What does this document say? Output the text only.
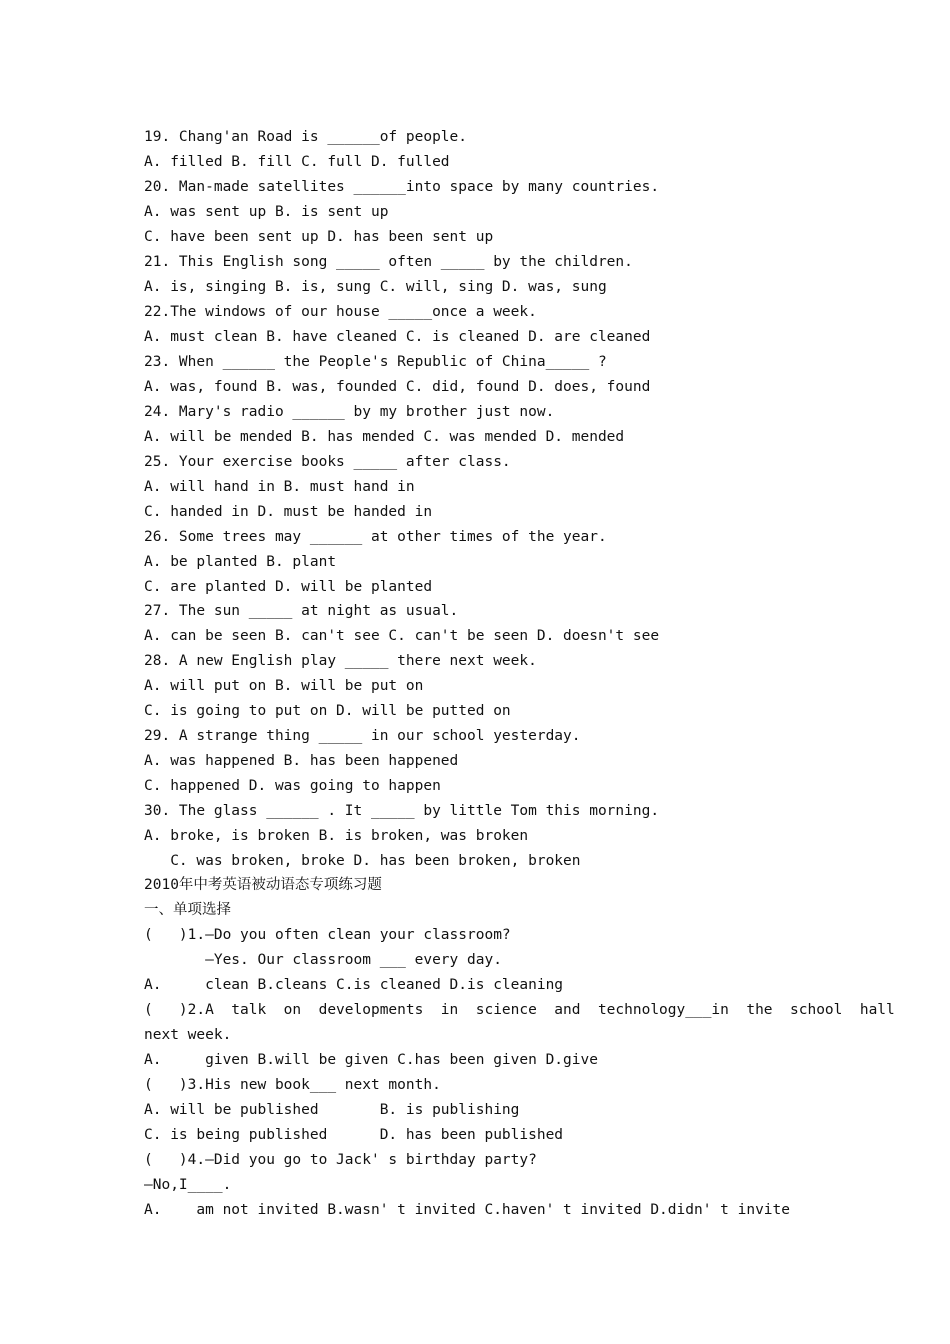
19. Chang'an Road is ______of people.
A. filled B. fill C. full D. fulled
20. Man-made satellites ______into space by many countries.
A. was sent up B. is sent up
C. have been sent up D. has been sent up
21. This English song _____ often _____ by the children.
A. is, singing B. is, sung C. will, sing D. was, sung
22.The windows of our house _____once a week.
A. must clean B. have cleaned C. is cleaned D. are cleaned
23. When ______ the People's Republic of China_____ ?
A. was, found B. was, founded C. did, found D. does, found
24. Mary's radio ______ by my brother just now.
A. will be mended B. has mended C. was mended D. mended
25. Your exercise books _____ after class.
A. will hand in B. must hand in
C. handed in D. must be handed in
26. Some trees may ______ at other times of the year.
A. be planted B. plant
C. are planted D. will be planted
27. The sun _____ at night as usual.
A. can be seen B. can't see C. can't be seen D. doesn't see
28. A new English play _____ there next week.
A. will put on B. will be put on
C. is going to put on D. will be putted on
29. A strange thing _____ in our school yesterday.
A. was happened B. has been happened
C. happened D. was going to happen
30. The glass ______ . It _____ by little Tom this morning.
A. broke, is broken B. is broken, was broken
C. was broken, broke D. has been broken, broken
2010年中考英语被动语态专项练习题
一、单项选择
(   )1.—Do you often clean your classroom?
—Yes. Our classroom ___ every day.
A.     clean B.cleans C.is cleaned D.is cleaning
(   )2.A  talk  on  developments  in  science  and  technology___in  the  school  hall
next week.
A.     given B.will be given C.has been given D.give
(   )3.His new book___ next month.
A. will be published       B. is publishing
C. is being published      D. has been published
(   )4.—Did you go to Jack' s birthday party?
—No,I____.
A.    am not invited B.wasn' t invited C.haven' t invited D.didn' t invite
